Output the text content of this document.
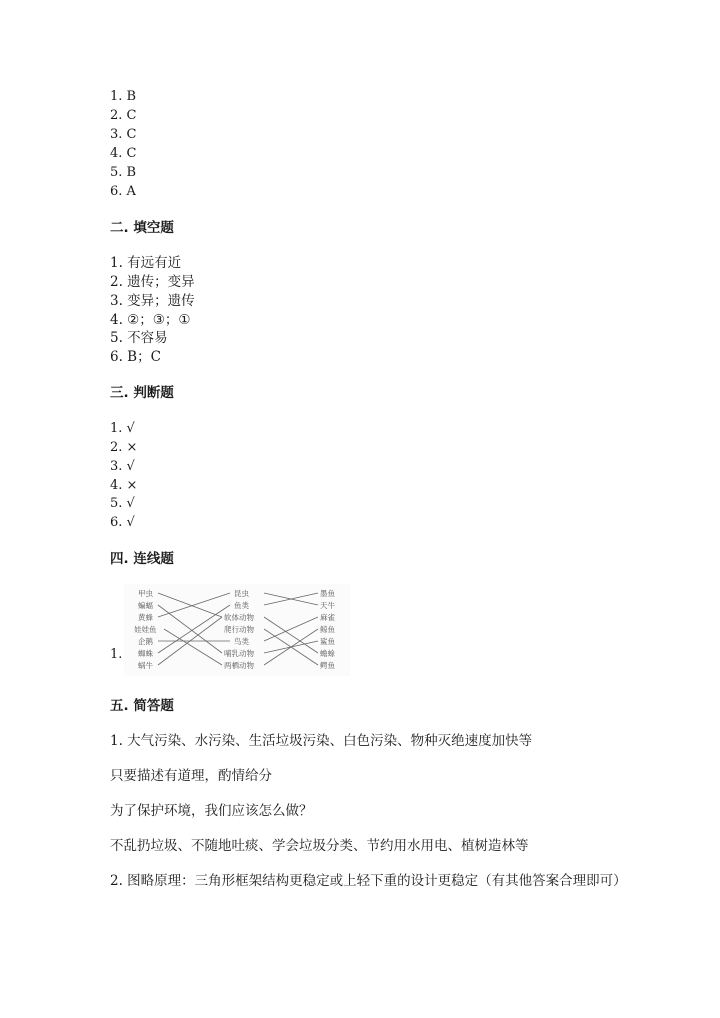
1. B
2. C
3. C
4. C
5. B
6. A
二. 填空题
1. 有远有近
2. 遗传；变异
3. 变异；遗传
4. ②；③；①
5. 不容易
6. B；C
三. 判断题
1. √
2. ×
3. √
4. ×
5. √
6. √
四. 连线题
1.
甲虫
蝙蝠
黄蜂
娃娃鱼
企鹅
蜘蛛
蜗牛
昆虫
鱼类
软体动物
爬行动物
鸟类
哺乳动物
两栖动物
墨鱼
天牛
麻雀
鲸鱼
鲨鱼
蟾蜍
鳄鱼
五. 简答题
1. 大气污染、水污染、生活垃圾污染、白色污染、物种灭绝速度加快等
只要描述有道理，酌情给分
为了保护环境，我们应该怎么做？
不乱扔垃圾、不随地吐痰、学会垃圾分类、节约用水用电、植树造林等
2. 图略原理：三角形框架结构更稳定或上轻下重的设计更稳定（有其他答案合理即可）
